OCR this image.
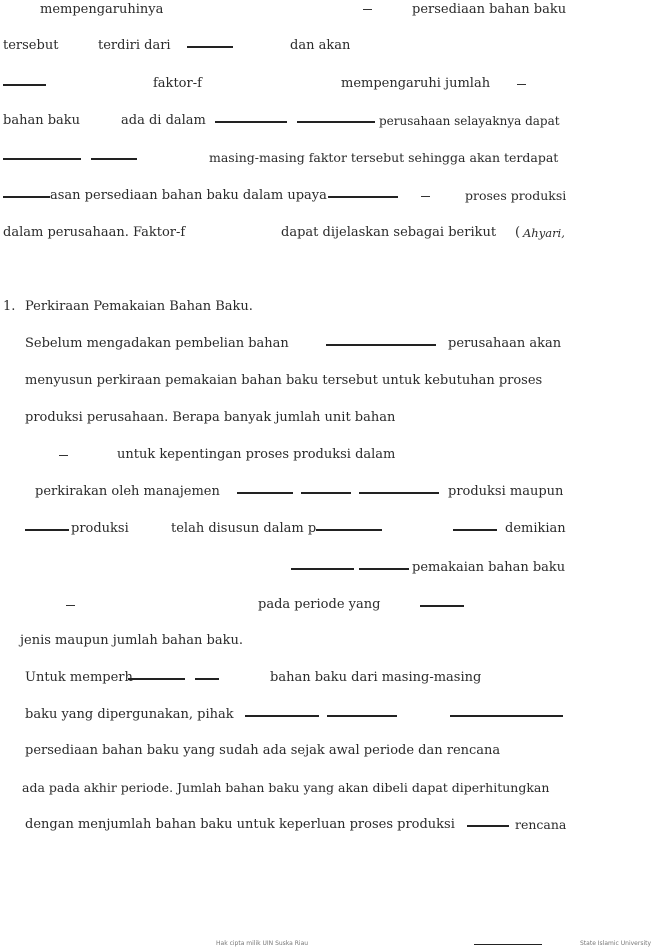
mempengaruhinya	persediaan bahan baku
tersebut	terdiri dari	dan akan
faktor-f	mempengaruhi jumlah
bahan baku	ada di dalam	perusahaan selayaknya dapat
masing-masing faktor tersebut sehingga akan terdapat
asan persediaan bahan baku dalam upaya	proses produksi
dalam perusahaan. Faktor-f	dapat dijelaskan sebagai berikut ( Ahyari,
1. Perkiraan Pemakaian Bahan Baku.
Sebelum mengadakan pembelian bahan	perusahaan akan
menyusun perkiraan pemakaian bahan baku tersebut untuk kebutuhan proses
produksi perusahaan. Berapa banyak jumlah unit bahan
untuk kepentingan proses produksi dalam
perkirakan oleh manajemen	produksi maupun
produksi	telah disusun dalam p	demikian
pemakaian bahan baku
pada periode yang
jenis maupun jumlah bahan baku.
Untuk memperh	bahan baku dari masing-masing
baku yang dipergunakan, pihak
persediaan bahan baku yang sudah ada sejak awal periode dan rencana
ada pada akhir periode. Jumlah bahan baku yang akan dibeli dapat diperhitungkan
dengan menjumlah bahan baku untuk keperluan proses produksi	rencana
Hak cipta milik UIN Suska Riau	State Islamic University
